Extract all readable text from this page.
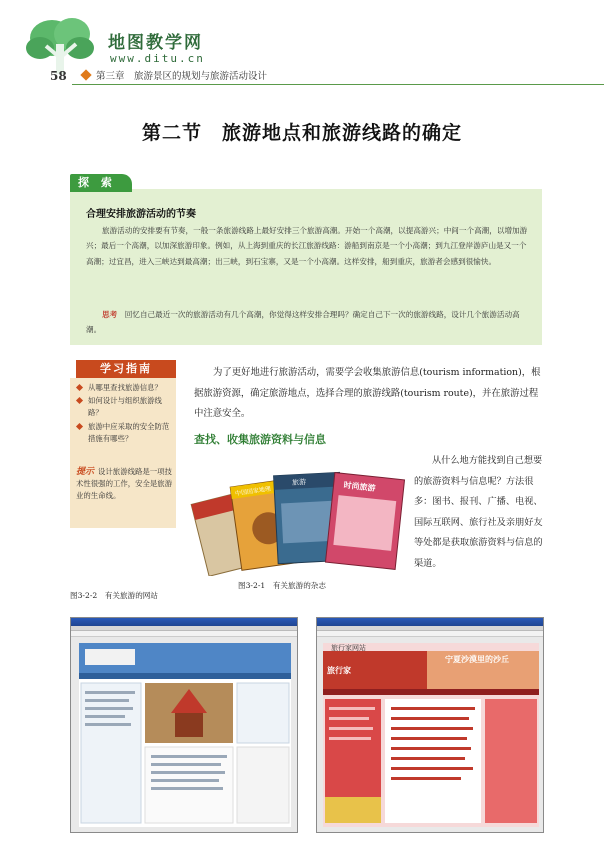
地图教学网
www.ditu.cn
58	第三章　旅游景区的规划与旅游活动设计
第二节　旅游地点和旅游线路的确定
探 索
合理安排旅游活动的节奏
旅游活动的安排要有节奏，一般一条旅游线路上最好安排三个旅游高潮。开始一个高潮，以提高游兴；中间一个高潮，以增加游兴；最后一个高潮，以加深旅游印象。例如，从上海到重庆的长江旅游线路：游船到南京是一个小高潮；到九江登岸游庐山是又一个高潮；过宜昌，进入三峡达到最高潮；出三峡，到石宝寨，又是一个小高潮。这样安排，船到重庆，旅游者会感到很愉快。
思考　 回忆自己最近一次的旅游活动有几个高潮，你觉得这样安排合理吗？确定自己下一次的旅游线路，设计几个旅游活动高潮。
学习指南
从哪里查找旅游信息？
如何设计与组织旅游线路？
旅游中应采取的安全防范措施有哪些？
提示 设计旅游线路是一项技术性很强的工作，安全是旅游业的生命线。
为了更好地进行旅游活动，需要学会收集旅游信息(tourism information)，根据旅游资源，确定旅游地点，选择合理的旅游线路(tourism route)，并在旅游过程中注意安全。
查找、收集旅游资料与信息
从什么地方能找到自己想要的旅游资料与信息呢？方法很多：图书、报刊、广播、电视、国际互联网、旅行社及亲朋好友等处都是获取旅游资料与信息的渠道。
中国国家地理
旅游	时尚旅游
图3-2-1　有关旅游的杂志
图3-2-2　有关旅游的网站
旅行家网站
旅行家
宁夏沙漠里的沙丘
